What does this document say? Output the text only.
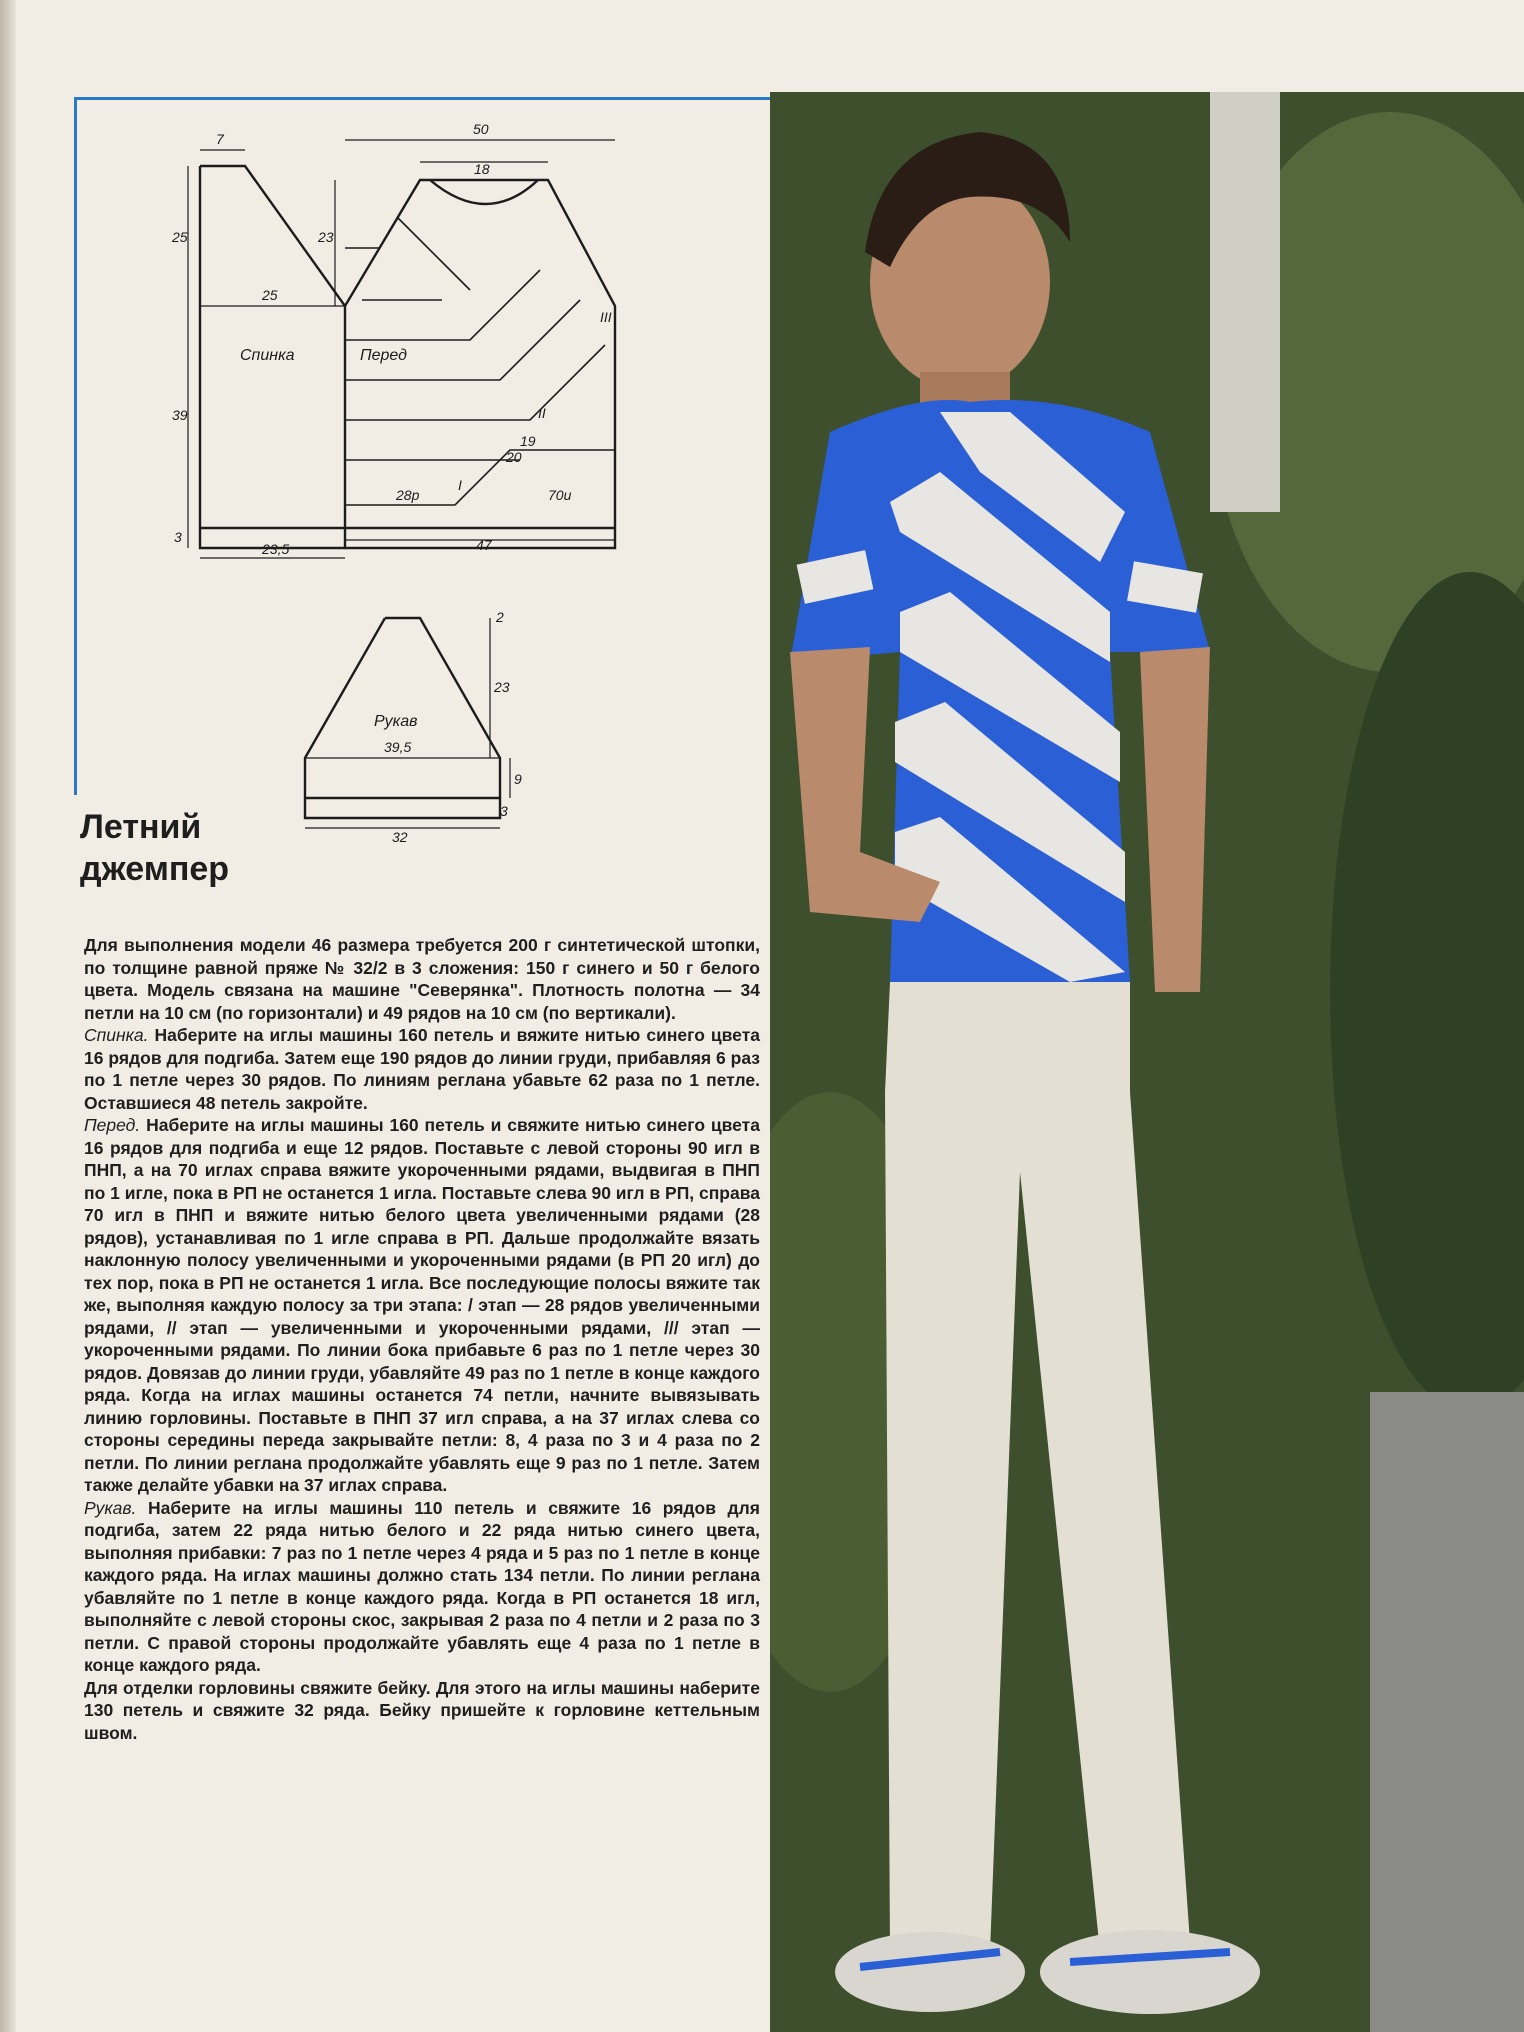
Спинка	Перед
Рукав
7
50
18
25	23
25
39
3
23,5	47
28р	70и
19
20
I
II
III
2
23
39,5
9
3
32
Летний
джемпер

Для выполнения модели 46 размера требуется 200 г синтетической штопки, по толщине равной пряже № 32/2 в 3 сложения: 150 г синего и 50 г белого цвета. Модель связана на машине "Северянка". Плотность полотна — 34 петли на 10 см (по горизонтали) и 49 рядов на 10 см (по вертикали).

Спинка. Наберите на иглы машины 160 петель и вяжите нитью синего цвета 16 рядов для подгиба. Затем еще 190 рядов до линии груди, прибавляя 6 раз по 1 петле через 30 рядов. По линиям реглана убавьте 62 раза по 1 петле. Оставшиеся 48 петель закройте.

Перед. Наберите на иглы машины 160 петель и свяжите нитью синего цвета 16 рядов для подгиба и еще 12 рядов. Поставьте с левой стороны 90 игл в ПНП, а на 70 иглах справа вяжите укороченными рядами, выдвигая в ПНП по 1 игле, пока в РП не останется 1 игла. Поставьте слева 90 игл в РП, справа 70 игл в ПНП и вяжите нитью белого цвета увеличенными рядами (28 рядов), устанавливая по 1 игле справа в РП. Дальше продолжайте вязать наклонную полосу увеличенными и укороченными рядами (в РП 20 игл) до тех пор, пока в РП не останется 1 игла. Все последующие полосы вяжите так же, выполняя каждую полосу за три этапа: / этап — 28 рядов увеличенными рядами, // этап — увеличенными и укороченными рядами, /// этап — укороченными рядами. По линии бока прибавьте 6 раз по 1 петле через 30 рядов. Довязав до линии груди, убавляйте 49 раз по 1 петле в конце каждого ряда. Когда на иглах машины останется 74 петли, начните вывязывать линию горловины. Поставьте в ПНП 37 игл справа, а на 37 иглах слева со стороны середины переда закрывайте петли: 8, 4 раза по 3 и 4 раза по 2 петли. По линии реглана продолжайте убавлять еще 9 раз по 1 петле. Затем также делайте убавки на 37 иглах справа.

Рукав. Наберите на иглы машины 110 петель и свяжите 16 рядов для подгиба, затем 22 ряда нитью белого и 22 ряда нитью синего цвета, выполняя прибавки: 7 раз по 1 петле через 4 ряда и 5 раз по 1 петле в конце каждого ряда. На иглах машины должно стать 134 петли. По линии реглана убавляйте по 1 петле в конце каждого ряда. Когда в РП останется 18 игл, выполняйте с левой стороны скос, закрывая 2 раза по 4 петли и 2 раза по 3 петли. С правой стороны продолжайте убавлять еще 4 раза по 1 петле в конце каждого ряда.

Для отделки горловины свяжите бейку. Для этого на иглы машины наберите 130 петель и свяжите 32 ряда. Бейку пришейте к горловине кеттельным швом.
